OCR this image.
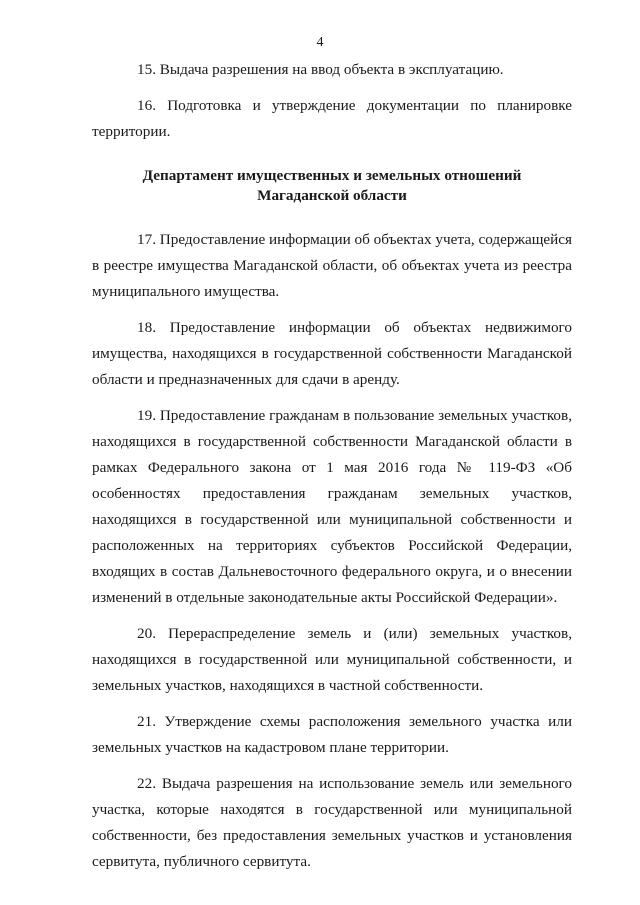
4

15. Выдача разрешения на ввод объекта в эксплуатацию.

16. Подготовка и утверждение документации по планировке территории.

Департамент имущественных и земельных отношений
Магаданской области

17. Предоставление информации об объектах учета, содержащейся в реестре имущества Магаданской области, об объектах учета из реестра муниципального имущества.

18. Предоставление информации об объектах недвижимого имущества, находящихся в государственной собственности Магаданской области и предназначенных для сдачи в аренду.

19. Предоставление гражданам в пользование земельных участков, находящихся в государственной собственности Магаданской области в рамках Федерального закона от 1 мая 2016 года № 119-ФЗ «Об особенностях предоставления гражданам земельных участков, находящихся в государственной или муниципальной собственности и расположенных на территориях субъектов Российской Федерации, входящих в состав Дальневосточного федерального округа, и о внесении изменений в отдельные законодательные акты Российской Федерации».

20. Перераспределение земель и (или) земельных участков, находящихся в государственной или муниципальной собственности, и земельных участков, находящихся в частной собственности.

21. Утверждение схемы расположения земельного участка или земельных участков на кадастровом плане территории.

22. Выдача разрешения на использование земель или земельного участка, которые находятся в государственной или муниципальной собственности, без предоставления земельных участков и установления сервитута, публичного сервитута.
